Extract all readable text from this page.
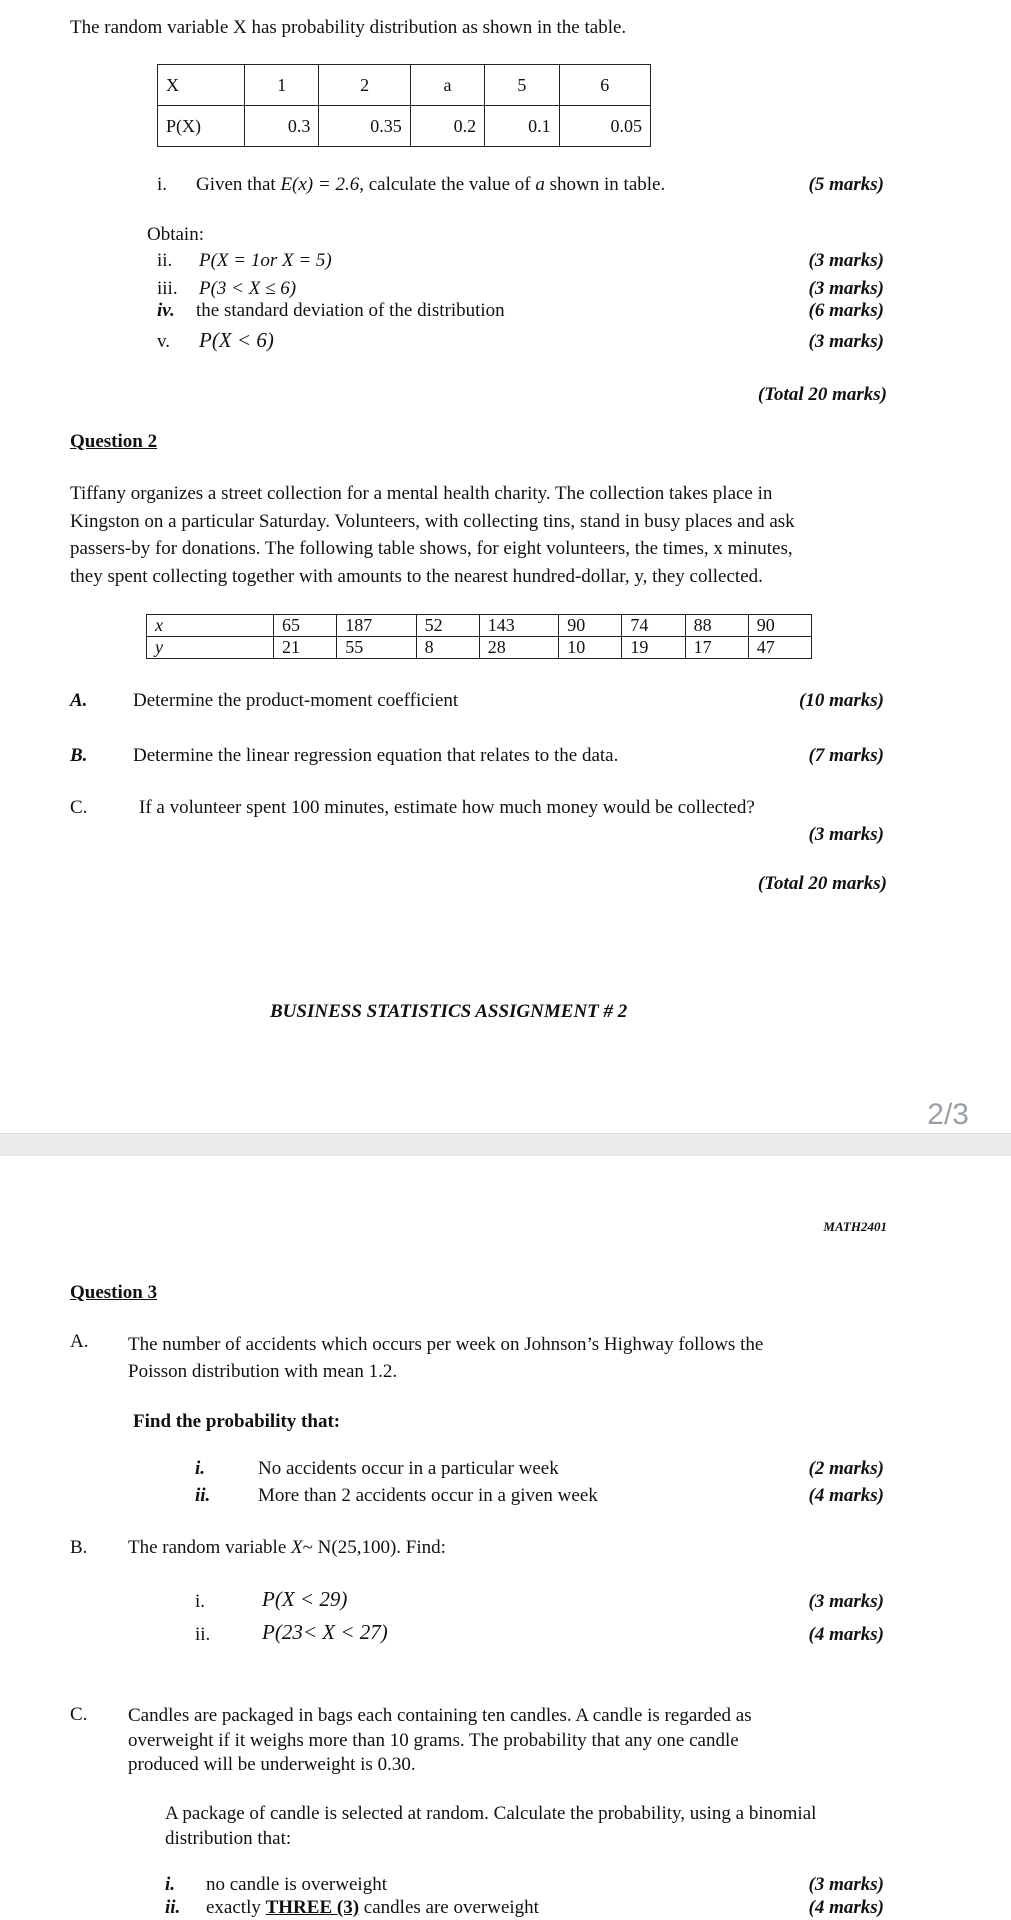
The random variable X has probability distribution as shown in the table.
X	1	2	a	5	6
P(X)	0.3	0.35	0.2	0.1	0.05
i. Given that E(x) = 2.6, calculate the value of a shown in table.	(5 marks)
Obtain:
ii. P(X = 1or X = 5)	(3 marks)
iii. P(3 < X ≤ 6)	(3 marks)
iv. the standard deviation of the distribution	(6 marks)
v. P(X < 6)	(3 marks)
(Total 20 marks)
Question 2
Tiffany organizes a street collection for a mental health charity. The collection takes place in
Kingston on a particular Saturday. Volunteers, with collecting tins, stand in busy places and ask
passers-by for donations. The following table shows, for eight volunteers, the times, x minutes,
they spent collecting together with amounts to the nearest hundred-dollar, y, they collected.
x	65	187	52	143	90	74	88	90
y	21	55	8	28	10	19	17	47
A. Determine the product-moment coefficient	(10 marks)
B. Determine the linear regression equation that relates to the data.	(7 marks)
C.	If a volunteer spent 100 minutes, estimate how much money would be collected?
(3 marks)
(Total 20 marks)
BUSINESS STATISTICS ASSIGNMENT # 2
2/3
MATH2401
Question 3
A. The number of accidents which occurs per week on Johnson’s Highway follows the
Poisson distribution with mean 1.2.
Find the probability that:
i.	No accidents occur in a particular week	(2 marks)
ii.	More than 2 accidents occur in a given week	(4 marks)
B. The random variable X~ N(25,100). Find:
i.	P(X < 29)	(3 marks)
ii. P(23< X < 27)	(4 marks)
C. Candles are packaged in bags each containing ten candles. A candle is regarded as
overweight if it weighs more than 10 grams. The probability that any one candle
produced will be underweight is 0.30.
A package of candle is selected at random. Calculate the probability, using a binomial
distribution that:
i. no candle is overweight	(3 marks)
ii. exactly THREE (3) candles are overweight	(4 marks)
